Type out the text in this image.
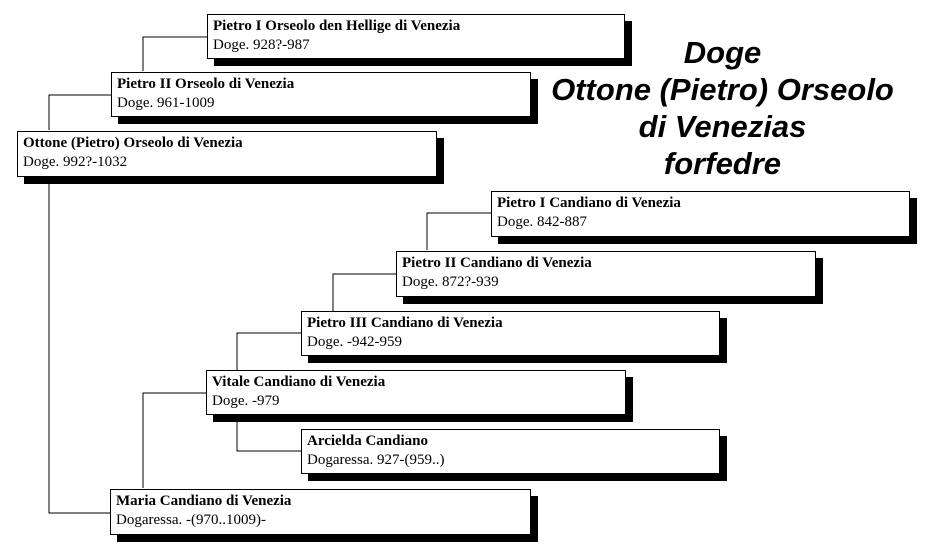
Pietro I Orseolo den Hellige di Venezia
Doge. 928?-987
Pietro II Orseolo di Venezia
Doge. 961-1009
Ottone (Pietro) Orseolo di Venezia
Doge. 992?-1032
Doge
Ottone (Pietro) Orseolo
di Venezias
forfedre
Pietro I Candiano di Venezia
Doge. 842-887
Pietro II Candiano di Venezia
Doge. 872?-939
Pietro III Candiano di Venezia
Doge. -942-959
Vitale Candiano di Venezia
Doge. -979
Arcielda Candiano
Dogaressa. 927-(959..)
Maria Candiano di Venezia
Dogaressa. -(970..1009)-
